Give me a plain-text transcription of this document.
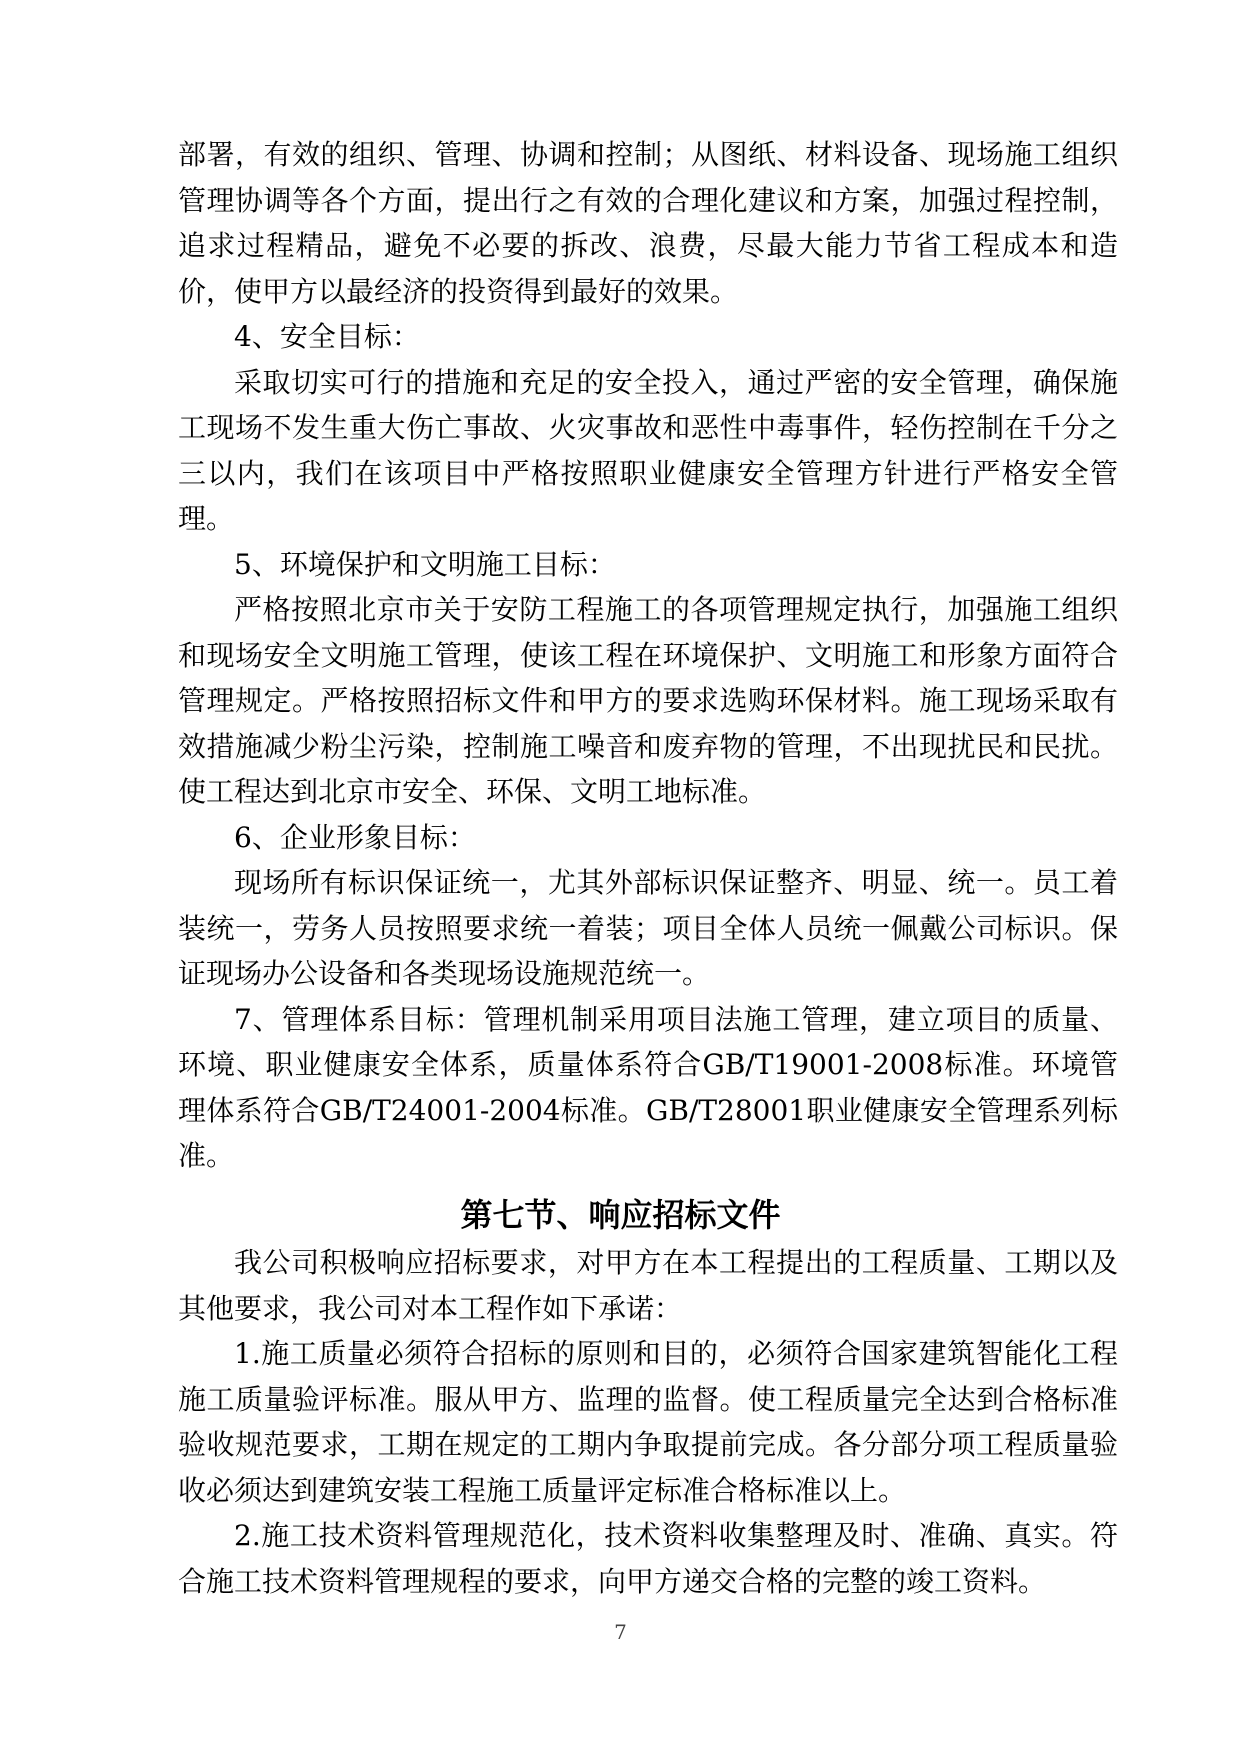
部署，有效的组织、管理、协调和控制；从图纸、材料设备、现场施工组织管理协调等各个方面，提出行之有效的合理化建议和方案，加强过程控制，追求过程精品，避免不必要的拆改、浪费，尽最大能力节省工程成本和造价，使甲方以最经济的投资得到最好的效果。

4、安全目标：

采取切实可行的措施和充足的安全投入，通过严密的安全管理，确保施工现场不发生重大伤亡事故、火灾事故和恶性中毒事件，轻伤控制在千分之三以内，我们在该项目中严格按照职业健康安全管理方针进行严格安全管理。

5、环境保护和文明施工目标：

严格按照北京市关于安防工程施工的各项管理规定执行，加强施工组织和现场安全文明施工管理，使该工程在环境保护、文明施工和形象方面符合管理规定。严格按照招标文件和甲方的要求选购环保材料。施工现场采取有效措施减少粉尘污染，控制施工噪音和废弃物的管理，不出现扰民和民扰。使工程达到北京市安全、环保、文明工地标准。

6、企业形象目标：

现场所有标识保证统一，尤其外部标识保证整齐、明显、统一。员工着装统一，劳务人员按照要求统一着装；项目全体人员统一佩戴公司标识。保证现场办公设备和各类现场设施规范统一。

7、管理体系目标：管理机制采用项目法施工管理，建立项目的质量、环境、职业健康安全体系，质量体系符合GB/T19001-2008标准。环境管理体系符合GB/T24001-2004标准。GB/T28001职业健康安全管理系列标准。

第七节、响应招标文件

我公司积极响应招标要求，对甲方在本工程提出的工程质量、工期以及其他要求，我公司对本工程作如下承诺：

1.施工质量必须符合招标的原则和目的，必须符合国家建筑智能化工程施工质量验评标准。服从甲方、监理的监督。使工程质量完全达到合格标准验收规范要求，工期在规定的工期内争取提前完成。各分部分项工程质量验收必须达到建筑安装工程施工质量评定标准合格标准以上。

2.施工技术资料管理规范化，技术资料收集整理及时、准确、真实。符合施工技术资料管理规程的要求，向甲方递交合格的完整的竣工资料。

7
